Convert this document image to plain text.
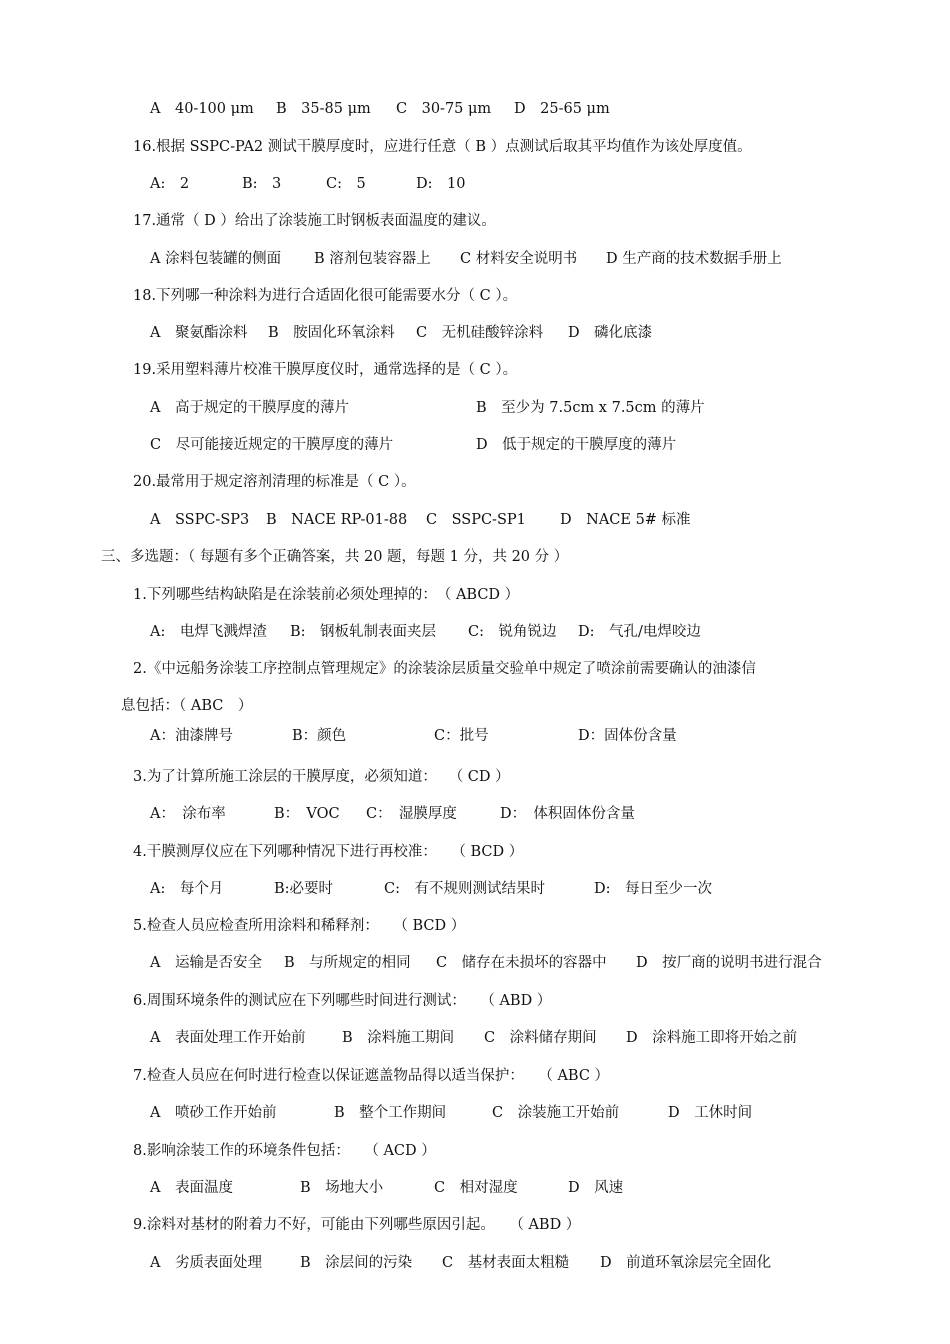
A　40-100 μm B　35-85 μm C　30-75 μm D　25-65 μm

16.根据 SSPC-PA2 测试干膜厚度时，应进行任意（ B ）点测试后取其平均值作为该处厚度值。

A:　2	B:　3	C:　5	D:　10

17.通常（ D ）给出了涂装施工时钢板表面温度的建议。

A 涂料包装罐的侧面 B 溶剂包装容器上 C 材料安全说明书 D 生产商的技术数据手册上

18.下列哪一种涂料为进行合适固化很可能需要水分（ C ）。

A　聚氨酯涂料 B　胺固化环氧涂料 C　无机硅酸锌涂料 D　磷化底漆

19.采用塑料薄片校准干膜厚度仪时，通常选择的是（ C ）。

A　高于规定的干膜厚度的薄片	B　至少为 7.5cm x 7.5cm 的薄片
C　尽可能接近规定的干膜厚度的薄片	D　低于规定的干膜厚度的薄片

20.最常用于规定溶剂清理的标准是（ C ）。

A　SSPC-SP3 B　NACE RP-01-88 C　SSPC-SP1 D　NACE 5# 标准

三、多选题：（ 每题有多个正确答案，共 20 题，每题 1 分，共 20 分 ）

1.下列哪些结构缺陷是在涂装前必须处理掉的：　（ ABCD ）

A:　电焊飞溅焊渣 B:　钢板轧制表面夹层 C:　锐角锐边 D:　气孔/电焊咬边

2.《中远船务涂装工序控制点管理规定》的涂装涂层质量交验单中规定了喷涂前需要确认的油漆信

息包括：（ ABC　）

A：油漆牌号	B：颜色	C：批号	D：固体份含量

3.为了计算所施工涂层的干膜厚度，必须知道：　 （ CD ）

A：　涂布率	B：　VOC C：　湿膜厚度	D：　体积固体份含量

4.干膜测厚仪应在下列哪种情况下进行再校准：　　（ BCD ）

A:　每个月	B:必要时	C:　有不规则测试结果时	D:　每日至少一次

5.检查人员应检查所用涂料和稀释剂：　　（ BCD ）

A　运输是否安全 B　与所规定的相同 C　储存在未损坏的容器中 D　按厂商的说明书进行混合

6.周围环境条件的测试应在下列哪些时间进行测试：　　（ ABD ）

A　表面处理工作开始前	B　涂料施工期间 C　涂料储存期间 D　涂料施工即将开始之前

7.检查人员应在何时进行检查以保证遮盖物品得以适当保护：　　（ ABC ）

A　喷砂工作开始前	B　整个工作期间	C　涂装施工开始前	D　工休时间

8.影响涂装工作的环境条件包括：　　（ ACD ）

A　表面温度	B　场地大小	C　相对湿度	D　风速

9.涂料对基材的附着力不好，可能由下列哪些原因引起。　　（ ABD ）

A　劣质表面处理	B　涂层间的污染 C　基材表面太粗糙 D　前道环氧涂层完全固化
